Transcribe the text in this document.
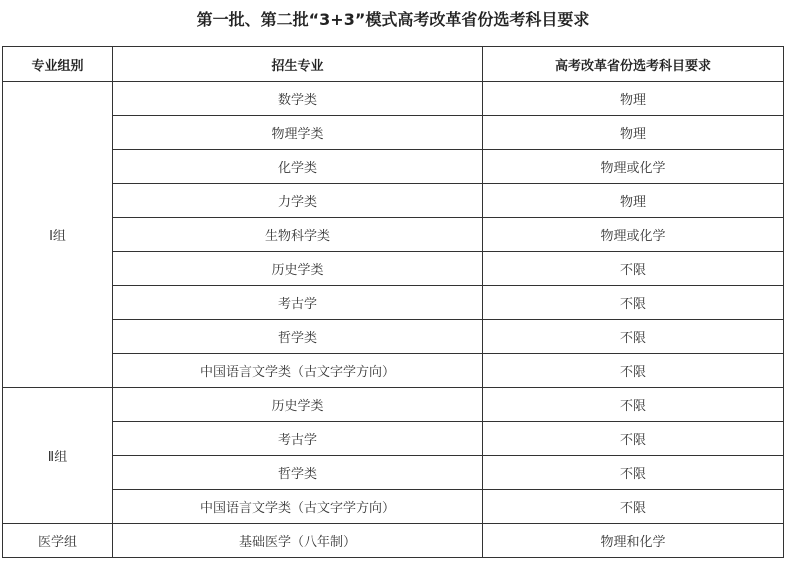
第一批、第二批“3+3”模式高考改革省份选考科目要求
专业组别	招生专业	高考改革省份选考科目要求
Ⅰ组	数学类	物理
	物理学类	物理
	化学类	物理或化学
	力学类	物理
	生物科学类	物理或化学
	历史学类	不限
	考古学	不限
	哲学类	不限
	中国语言文学类（古文字学方向）	不限
Ⅱ组	历史学类	不限
	考古学	不限
	哲学类	不限
	中国语言文学类（古文字学方向）	不限
医学组	基础医学（八年制）	物理和化学
